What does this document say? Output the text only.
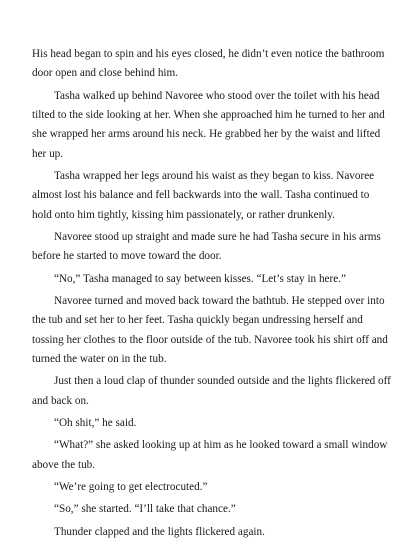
His head began to spin and his eyes closed, he didn’t even notice the bathroom door open and close behind him.

Tasha walked up behind Navoree who stood over the toilet with his head tilted to the side looking at her. When she approached him he turned to her and she wrapped her arms around his neck. He grabbed her by the waist and lifted her up.

Tasha wrapped her legs around his waist as they began to kiss. Navoree almost lost his balance and fell backwards into the wall. Tasha continued to hold onto him tightly, kissing him passionately, or rather drunkenly.

Navoree stood up straight and made sure he had Tasha secure in his arms before he started to move toward the door.

“No,” Tasha managed to say between kisses. “Let’s stay in here.”

Navoree turned and moved back toward the bathtub. He stepped over into the tub and set her to her feet. Tasha quickly began undressing herself and tossing her clothes to the floor outside of the tub. Navoree took his shirt off and turned the water on in the tub.

Just then a loud clap of thunder sounded outside and the lights flickered off and back on.

“Oh shit,” he said.

“What?” she asked looking up at him as he looked toward a small window above the tub.

“We’re going to get electrocuted.”

“So,” she started. “I’ll take that chance.”

Thunder clapped and the lights flickered again.
